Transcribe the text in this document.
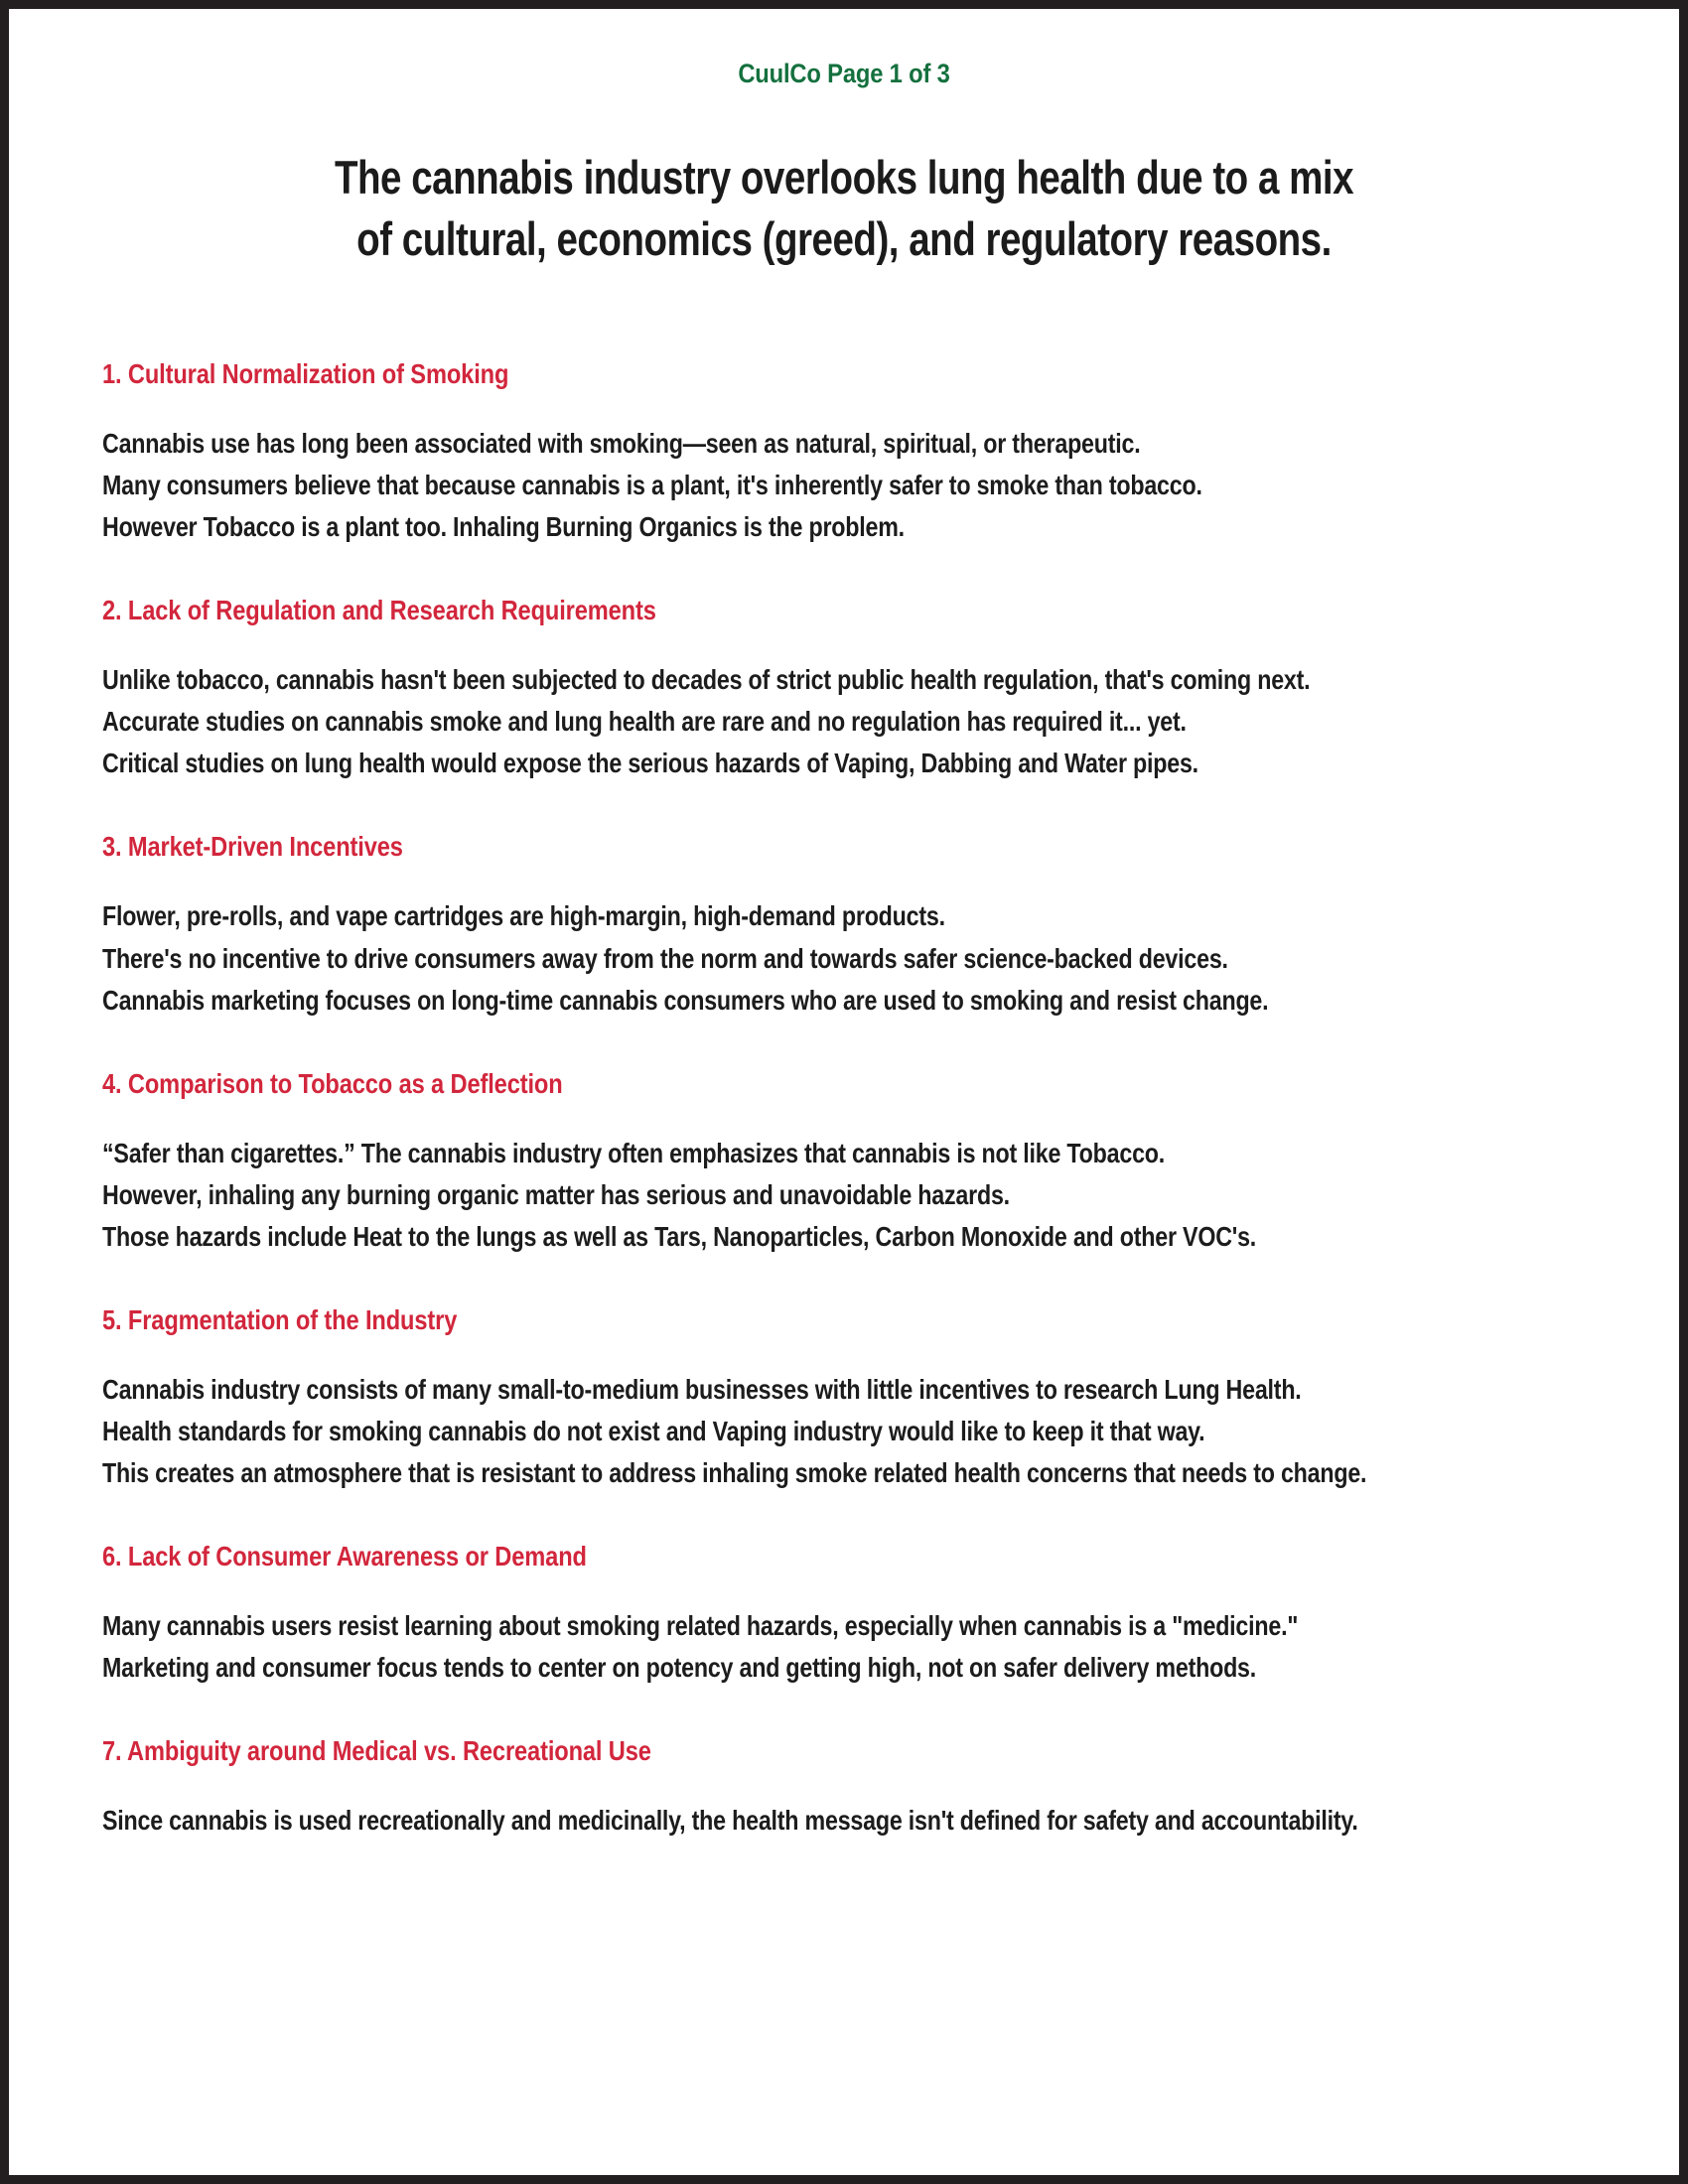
CuulCo Page 1 of 3
The cannabis industry overlooks lung health due to a mix
of cultural, economics (greed), and regulatory reasons.
1. Cultural Normalization of Smoking
Cannabis use has long been associated with smoking—seen as natural, spiritual, or therapeutic.
Many consumers believe that because cannabis is a plant, it's inherently safer to smoke than tobacco.
However Tobacco is a plant too. Inhaling Burning Organics is the problem.
2. Lack of Regulation and Research Requirements
Unlike tobacco, cannabis hasn't been subjected to decades of strict public health regulation, that's coming next.
Accurate studies on cannabis smoke and lung health are rare and no regulation has required it... yet.
Critical studies on lung health would expose the serious hazards of Vaping, Dabbing and Water pipes.
3. Market-Driven Incentives
Flower, pre-rolls, and vape cartridges are high-margin, high-demand products.
There's no incentive to drive consumers away from the norm and towards safer science-backed devices.
Cannabis marketing focuses on long-time cannabis consumers who are used to smoking and resist change.
4. Comparison to Tobacco as a Deflection
“Safer than cigarettes.” The cannabis industry often emphasizes that cannabis is not like Tobacco.
However, inhaling any burning organic matter has serious and unavoidable hazards.
Those hazards include Heat to the lungs as well as Tars, Nanoparticles, Carbon Monoxide and other VOC's.
5. Fragmentation of the Industry
Cannabis industry consists of many small-to-medium businesses with little incentives to research Lung Health.
Health standards for smoking cannabis do not exist and Vaping industry would like to keep it that way.
This creates an atmosphere that is resistant to address inhaling smoke related health concerns that needs to change.
6. Lack of Consumer Awareness or Demand
Many cannabis users resist learning about smoking related hazards, especially when cannabis is a "medicine."
Marketing and consumer focus tends to center on potency and getting high, not on safer delivery methods.
7. Ambiguity around Medical vs. Recreational Use
Since cannabis is used recreationally and medicinally, the health message isn't defined for safety and accountability.
